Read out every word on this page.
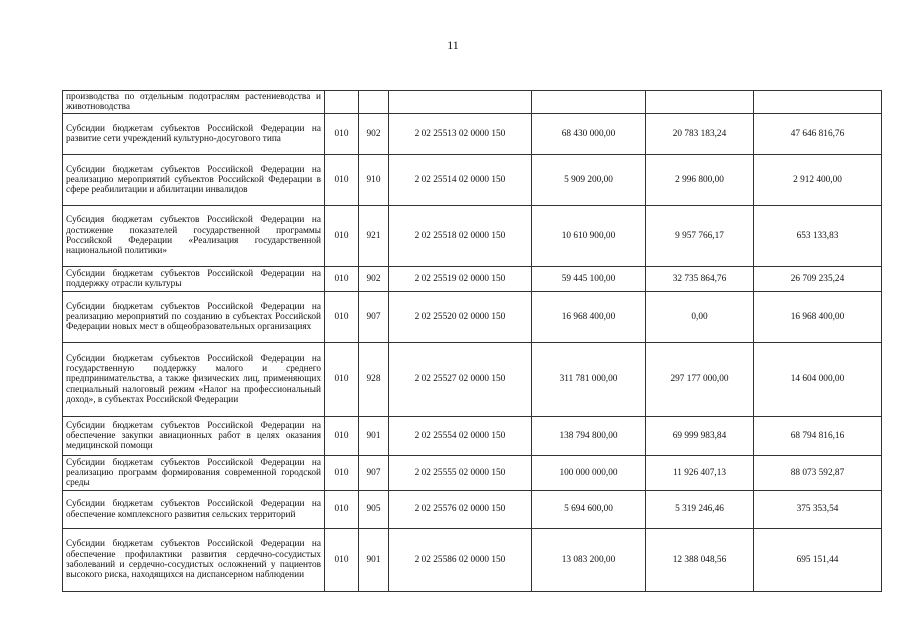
11
производства по отдельным подотраслям растениеводства и животноводства						
Субсидии бюджетам субъектов Российской Федерации на развитие сети учреждений культурно-досугового типа	010	902	2 02 25513 02 0000 150	68 430 000,00	20 783 183,24	47 646 816,76
Субсидии бюджетам субъектов Российской Федерации на реализацию мероприятий субъектов Российской Федерации в сфере реабилитации и абилитации инвалидов	010	910	2 02 25514 02 0000 150	5 909 200,00	2 996 800,00	2 912 400,00
Субсидия бюджетам субъектов Российской Федерации на достижение показателей государственной программы Российской Федерации «Реализация государственной национальной политики»	010	921	2 02 25518 02 0000 150	10 610 900,00	9 957 766,17	653 133,83
Субсидии бюджетам субъектов Российской Федерации на поддержку отрасли культуры	010	902	2 02 25519 02 0000 150	59 445 100,00	32 735 864,76	26 709 235,24
Субсидии бюджетам субъектов Российской Федерации на реализацию мероприятий по созданию в субъектах Российской Федерации новых мест в общеобразовательных организациях	010	907	2 02 25520 02 0000 150	16 968 400,00	0,00	16 968 400,00
Субсидии бюджетам субъектов Российской Федерации на государственную поддержку малого и среднего предпринимательства, а также физических лиц, применяющих специальный налоговый режим «Налог на профессиональный доход», в субъектах Российской Федерации	010	928	2 02 25527 02 0000 150	311 781 000,00	297 177 000,00	14 604 000,00
Субсидии бюджетам субъектов Российской Федерации на обеспечение закупки авиационных работ в целях оказания медицинской помощи	010	901	2 02 25554 02 0000 150	138 794 800,00	69 999 983,84	68 794 816,16
Субсидии бюджетам субъектов Российской Федерации на реализацию программ формирования современной городской среды	010	907	2 02 25555 02 0000 150	100 000 000,00	11 926 407,13	88 073 592,87
Субсидии бюджетам субъектов Российской Федерации на обеспечение комплексного развития сельских территорий	010	905	2 02 25576 02 0000 150	5 694 600,00	5 319 246,46	375 353,54
Субсидии бюджетам субъектов Российской Федерации на обеспечение профилактики развития сердечно-сосудистых заболеваний и сердечно-сосудистых осложнений у пациентов высокого риска, находящихся на диспансерном наблюдении	010	901	2 02 25586 02 0000 150	13 083 200,00	12 388 048,56	695 151,44
